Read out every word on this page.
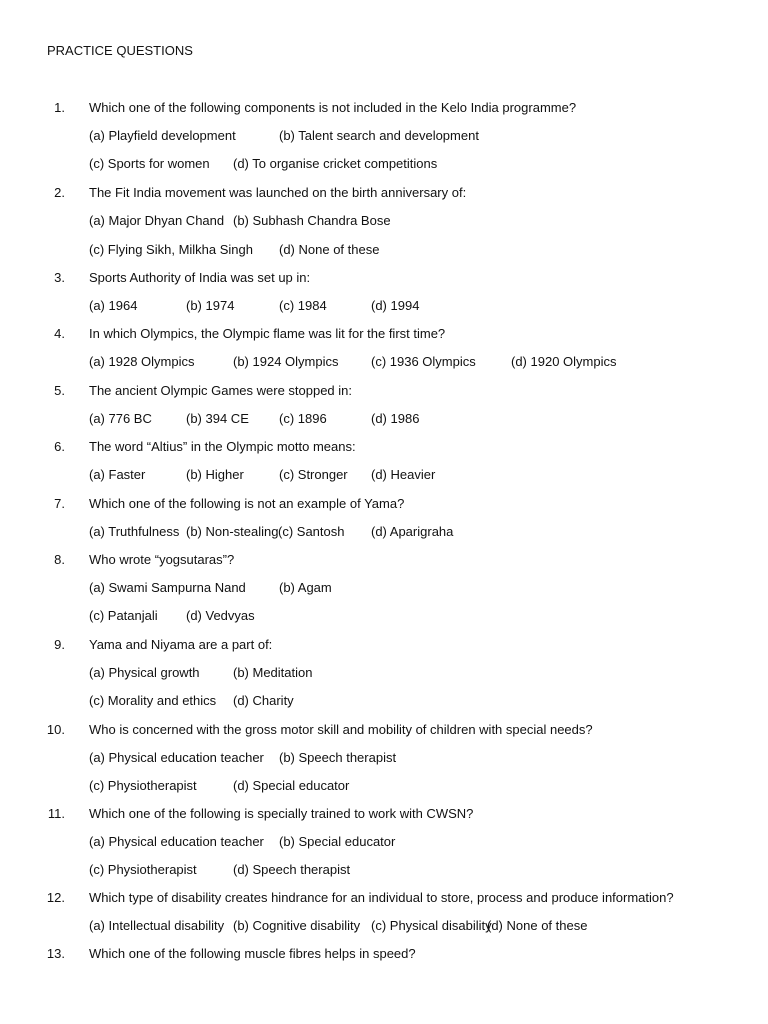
PRACTICE QUESTIONS
1. Which one of the following components is not included in the Kelo India programme?
(a) Playfield development	(b) Talent search and development
(c) Sports for women (d) To organise cricket competitions
2. The Fit India movement was launched on the birth anniversary of:
(a) Major Dhyan Chand (b) Subhash Chandra Bose
(c) Flying Sikh, Milkha Singh (d) None of these
3. Sports Authority of India was set up in:
(a) 1964	(b) 1974	(c) 1984	(d) 1994
4. In which Olympics, the Olympic flame was lit for the first time?
(a) 1928 Olympics	(b) 1924 Olympics	(c) 1936 Olympics	(d) 1920 Olympics
5. The ancient Olympic Games were stopped in:
(a) 776 BC	(b) 394 CE (c) 1896	(d) 1986
6. The word “Altius” in the Olympic motto means:
(a) Faster	(b) Higher	(c) Stronger (d) Heavier
7. Which one of the following is not an example of Yama?
(a) Truthfulness (b) Non-stealing (c) Santosh (d) Aparigraha
8. Who wrote “yogsutaras”?
(a) Swami Sampurna Nand	(b) Agam
(c) Patanjali (d) Vedvyas
9. Yama and Niyama are a part of:
(a) Physical growth	(b) Meditation
(c) Morality and ethics (d) Charity
10. Who is concerned with the gross motor skill and mobility of children with special needs?
(a) Physical education teacher (b) Speech therapist
(c) Physiotherapist	(d) Special educator
11. Which one of the following is specially trained to work with CWSN?
(a) Physical education teacher (b) Special educator
(c) Physiotherapist	(d) Speech therapist
12. Which type of disability creates hindrance for an individual to store, process and produce information?
(a) Intellectual disability (b) Cognitive disability (c) Physical disability
(d) None of these
13. Which one of the following muscle fibres helps in speed?
